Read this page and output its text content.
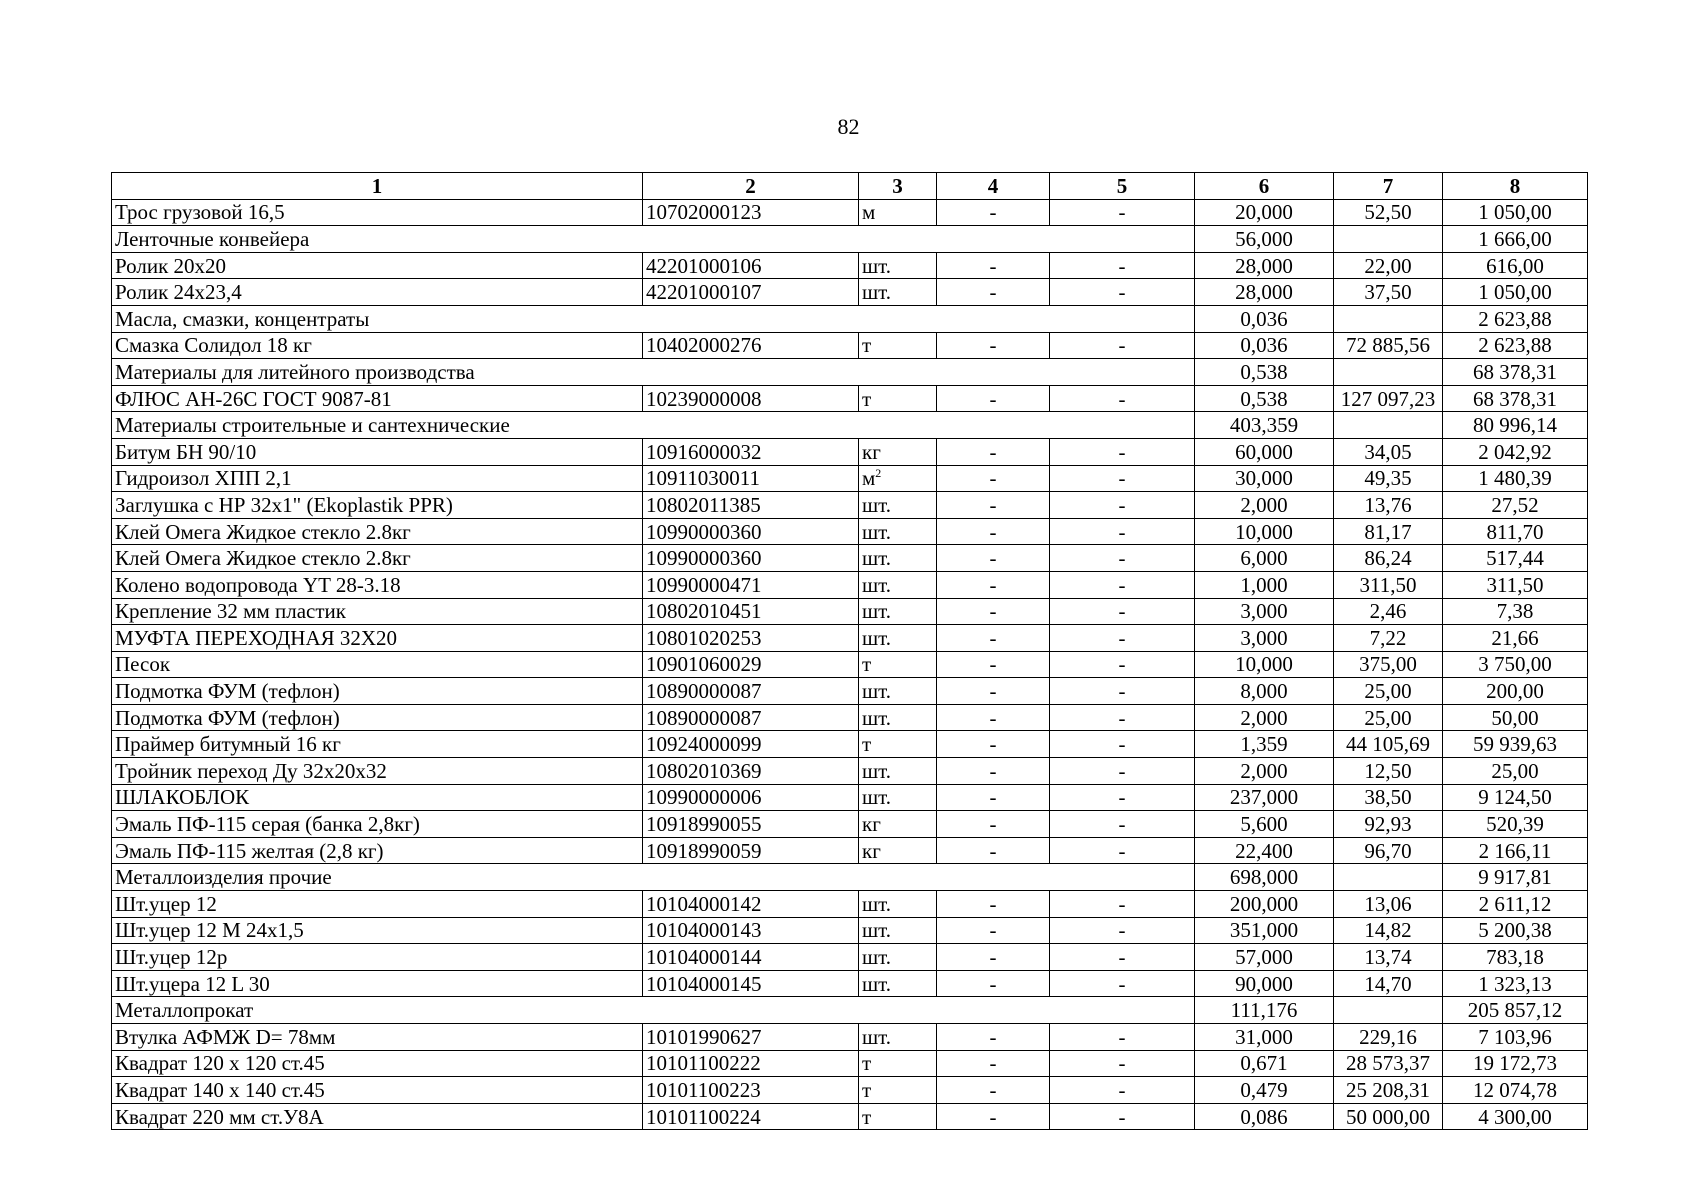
82
1	2	3	4	5	6	7	8
Трос грузовой 16,5	10702000123	м	-	-	20,000	52,50	1 050,00
Ленточные конвейера					56,000		1 666,00
Ролик 20х20	42201000106	шт.	-	-	28,000	22,00	616,00
Ролик 24х23,4	42201000107	шт.	-	-	28,000	37,50	1 050,00
Масла, смазки, концентраты					0,036		2 623,88
Смазка Солидол 18 кг	10402000276	т	-	-	0,036	72 885,56	2 623,88
Материалы для литейного производства					0,538		68 378,31
ФЛЮС АН-26С ГОСТ 9087-81	10239000008	т	-	-	0,538	127 097,23	68 378,31
Материалы строительные и сантехнические					403,359		80 996,14
Битум БН 90/10	10916000032	кг	-	-	60,000	34,05	2 042,92
Гидроизол ХПП 2,1	10911030011	$м^2$	-	-	30,000	49,35	1 480,39
Заглушка с НР 32х1" (Ekoplastik PPR)	10802011385	шт.	-	-	2,000	13,76	27,52
Клей Омега Жидкое стекло 2.8кг	10990000360	шт.	-	-	10,000	81,17	811,70
Клей Омега Жидкое стекло 2.8кг	10990000360	шт.	-	-	6,000	86,24	517,44
Колено водопровода YT 28-3.18	10990000471	шт.	-	-	1,000	311,50	311,50
Крепление 32 мм пластик	10802010451	шт.	-	-	3,000	2,46	7,38
МУФТА ПЕРЕХОДНАЯ 32Х20	10801020253	шт.	-	-	3,000	7,22	21,66
Песок	10901060029	т	-	-	10,000	375,00	3 750,00
Подмотка ФУМ (тефлон)	10890000087	шт.	-	-	8,000	25,00	200,00
Подмотка ФУМ (тефлон)	10890000087	шт.	-	-	2,000	25,00	50,00
Праймер битумный 16 кг	10924000099	т	-	-	1,359	44 105,69	59 939,63
Тройник переход Ду 32х20х32	10802010369	шт.	-	-	2,000	12,50	25,00
ШЛАКОБЛОК	10990000006	шт.	-	-	237,000	38,50	9 124,50
Эмаль ПФ-115 серая (банка 2,8кг)	10918990055	кг	-	-	5,600	92,93	520,39
Эмаль ПФ-115 желтая (2,8 кг)	10918990059	кг	-	-	22,400	96,70	2 166,11
Металлоизделия прочие					698,000		9 917,81
Шт.уцер 12	10104000142	шт.	-	-	200,000	13,06	2 611,12
Шт.уцер 12 М 24х1,5	10104000143	шт.	-	-	351,000	14,82	5 200,38
Шт.уцер 12р	10104000144	шт.	-	-	57,000	13,74	783,18
Шт.уцера 12 L 30	10104000145	шт.	-	-	90,000	14,70	1 323,13
Металлопрокат					111,176		205 857,12
Втулка АФМЖ D= 78мм	10101990627	шт.	-	-	31,000	229,16	7 103,96
Квадрат 120 х 120 ст.45	10101100222	т	-	-	0,671	28 573,37	19 172,73
Квадрат 140 х 140 ст.45	10101100223	т	-	-	0,479	25 208,31	12 074,78
Квадрат 220 мм ст.У8А	10101100224	т	-	-	0,086	50 000,00	4 300,00
